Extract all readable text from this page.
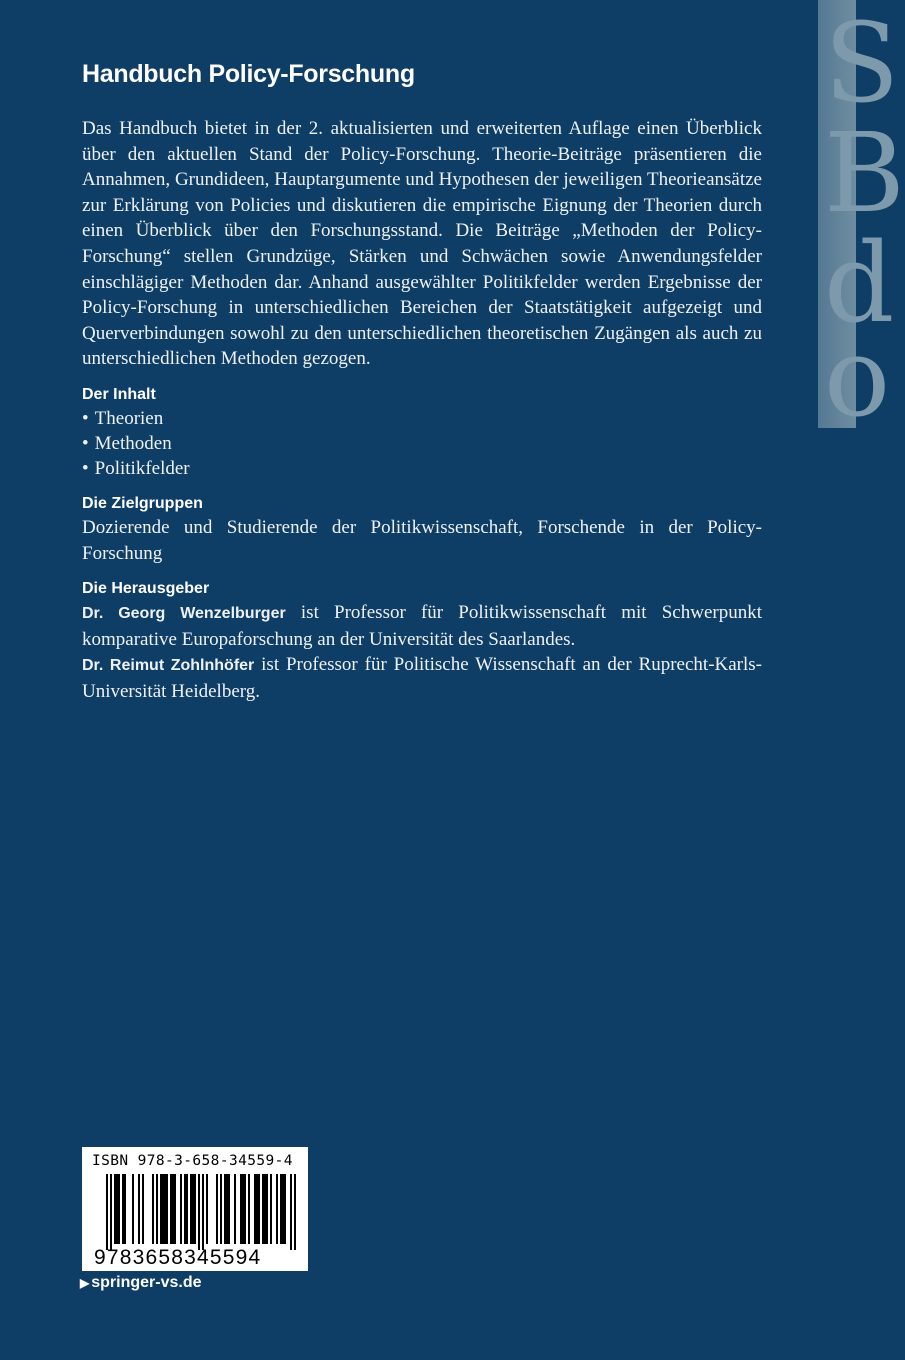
S
B
d
o
Handbuch Policy-Forschung

Das Handbuch bietet in der 2. aktualisierten und erweiterten Auflage einen Überblick über den aktuellen Stand der Policy-Forschung. Theorie-Beiträge präsentieren die Annahmen, Grundideen, Hauptargumente und Hypothesen der jeweiligen Theorieansätze zur Erklärung von Policies und diskutieren die empirische Eignung der Theorien durch einen Überblick über den Forschungsstand. Die Beiträge „Methoden der Policy-Forschung“ stellen Grundzüge, Stärken und Schwächen sowie Anwendungsfelder einschlägiger Methoden dar. Anhand ausgewählter Politikfelder werden Ergebnisse der Policy-Forschung in unterschiedlichen Bereichen der Staatstätigkeit aufgezeigt und Querverbindungen sowohl zu den unterschiedlichen theoretischen Zugängen als auch zu unterschiedlichen Methoden gezogen.

Der Inhalt

• Theorien
• Methoden
• Politikfelder

Die Zielgruppen

Dozierende und Studierende der Politikwissenschaft, Forschende in der Policy-Forschung

Die Herausgeber

Dr. Georg Wenzelburger ist Professor für Politikwissenschaft mit Schwerpunkt komparative Europaforschung an der Universität des Saarlandes.

Dr. Reimut Zohlnhöfer ist Professor für Politische Wissenschaft an der Ruprecht-Karls-Universität Heidelberg.

ISBN 978-3-658-34559-4
9783658345594
▶ springer-vs.de
